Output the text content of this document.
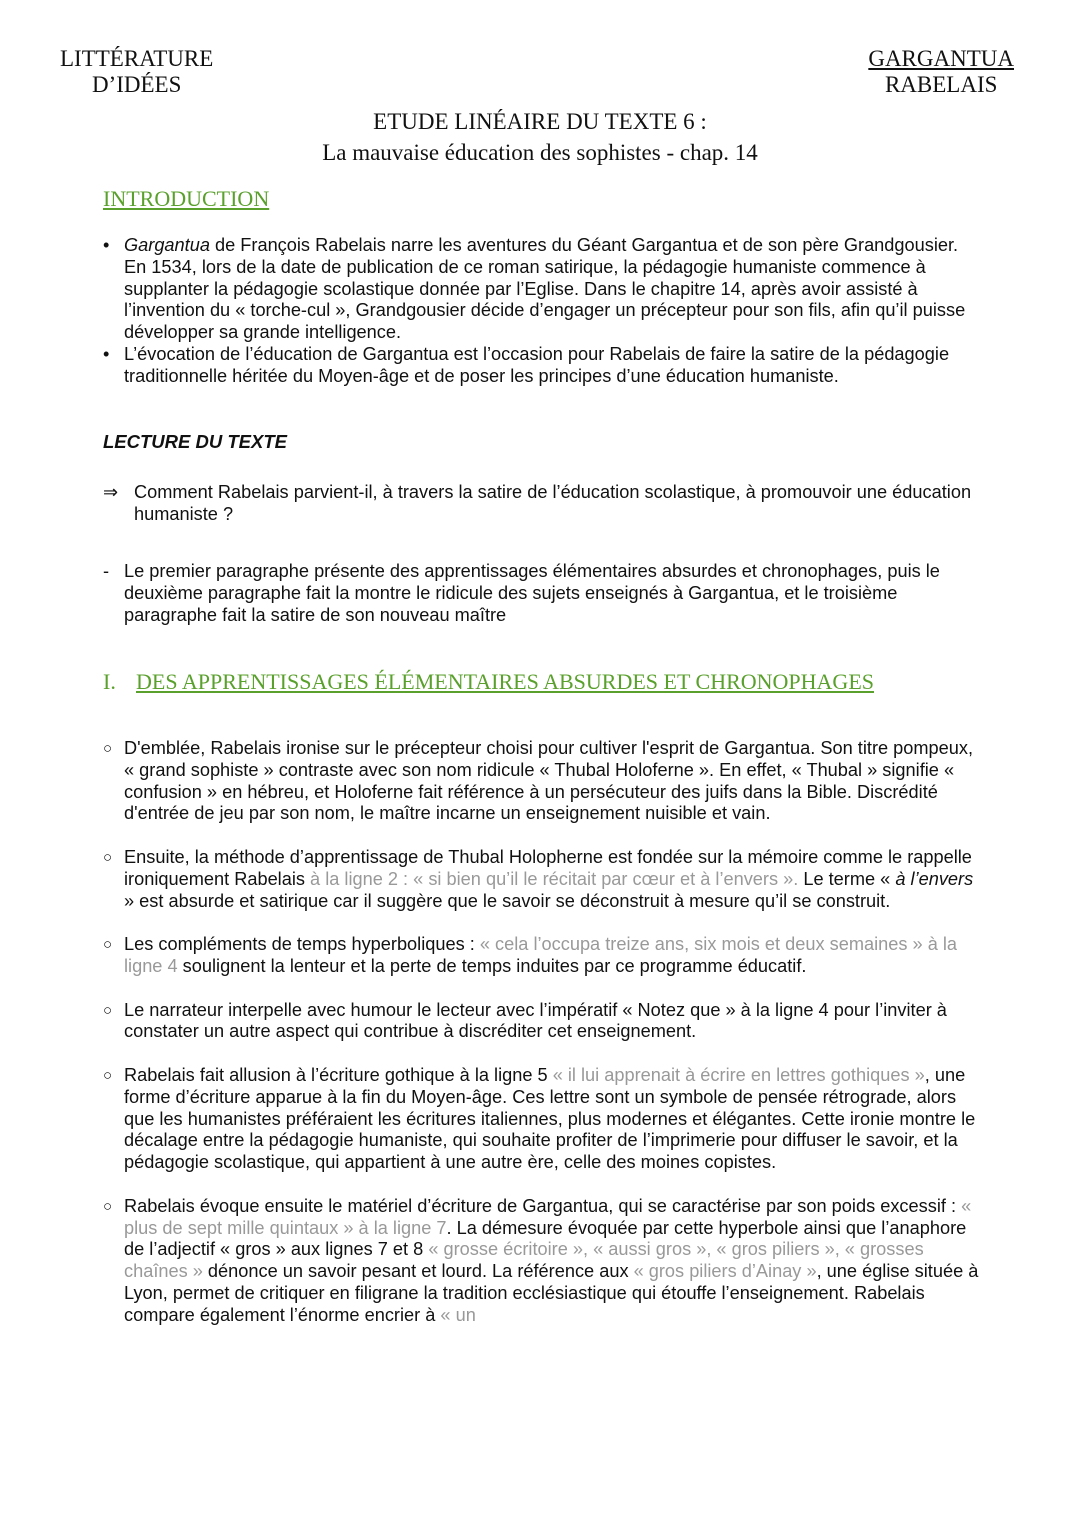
LITTÉRATURE
D’IDÉES
GARGANTUA
RABELAIS
ETUDE LINÉAIRE DU TEXTE 6 :
La mauvaise éducation des sophistes - chap. 14
INTRODUCTION
• Gargantua de François Rabelais narre les aventures du Géant Gargantua et de son père Grandgousier. En 1534, lors de la date de publication de ce roman satirique, la pédagogie humaniste commence à supplanter la pédagogie scolastique donnée par l’Eglise. Dans le chapitre 14, après avoir assisté à l’invention du « torche-cul », Grandgousier décide d’engager un précepteur pour son fils, afin qu’il puisse développer sa grande intelligence.
• L’évocation de l’éducation de Gargantua est l’occasion pour Rabelais de faire la satire de la pédagogie traditionnelle héritée du Moyen-âge et de poser les principes d’une éducation humaniste.
LECTURE DU TEXTE
⇒ Comment Rabelais parvient-il, à travers la satire de l’éducation scolastique, à promouvoir une éducation humaniste ?
- Le premier paragraphe présente des apprentissages élémentaires absurdes et chronophages, puis le deuxième paragraphe fait la montre le ridicule des sujets enseignés à Gargantua, et le troisième paragraphe fait la satire de son nouveau maître
I. DES APPRENTISSAGES ÉLÉMENTAIRES ABSURDES ET CHRONOPHAGES
○ D'emblée, Rabelais ironise sur le précepteur choisi pour cultiver l'esprit de Gargantua. Son titre pompeux, « grand sophiste » contraste avec son nom ridicule « Thubal Holoferne ». En effet, « Thubal » signifie « confusion » en hébreu, et Holoferne fait référence à un persécuteur des juifs dans la Bible. Discrédité d'entrée de jeu par son nom, le maître incarne un enseignement nuisible et vain.
○ Ensuite, la méthode d’apprentissage de Thubal Holopherne est fondée sur la mémoire comme le rappelle ironiquement Rabelais à la ligne 2 : « si bien qu’il le récitait par cœur et à l’envers ». Le terme « à l’envers » est absurde et satirique car il suggère que le savoir se déconstruit à mesure qu’il se construit.
○ Les compléments de temps hyperboliques : « cela l’occupa treize ans, six mois et deux semaines » à la ligne 4 soulignent la lenteur et la perte de temps induites par ce programme éducatif.
○ Le narrateur interpelle avec humour le lecteur avec l’impératif « Notez que » à la ligne 4 pour l’inviter à constater un autre aspect qui contribue à discréditer cet enseignement.
○ Rabelais fait allusion à l’écriture gothique à la ligne 5 « il lui apprenait à écrire en lettres gothiques », une forme d’écriture apparue à la fin du Moyen-âge. Ces lettre sont un symbole de pensée rétrograde, alors que les humanistes préféraient les écritures italiennes, plus modernes et élégantes. Cette ironie montre le décalage entre la pédagogie humaniste, qui souhaite profiter de l’imprimerie pour diffuser le savoir, et la pédagogie scolastique, qui appartient à une autre ère, celle des moines copistes.
○ Rabelais évoque ensuite le matériel d’écriture de Gargantua, qui se caractérise par son poids excessif : « plus de sept mille quintaux » à la ligne 7. La démesure évoquée par cette hyperbole ainsi que l’anaphore de l’adjectif « gros » aux lignes 7 et 8 « grosse écritoire », « aussi gros », « gros piliers », « grosses chaînes » dénonce un savoir pesant et lourd. La référence aux « gros piliers d’Ainay », une église située à Lyon, permet de critiquer en filigrane la tradition ecclésiastique qui étouffe l’enseignement. Rabelais compare également l’énorme encrier à « un
